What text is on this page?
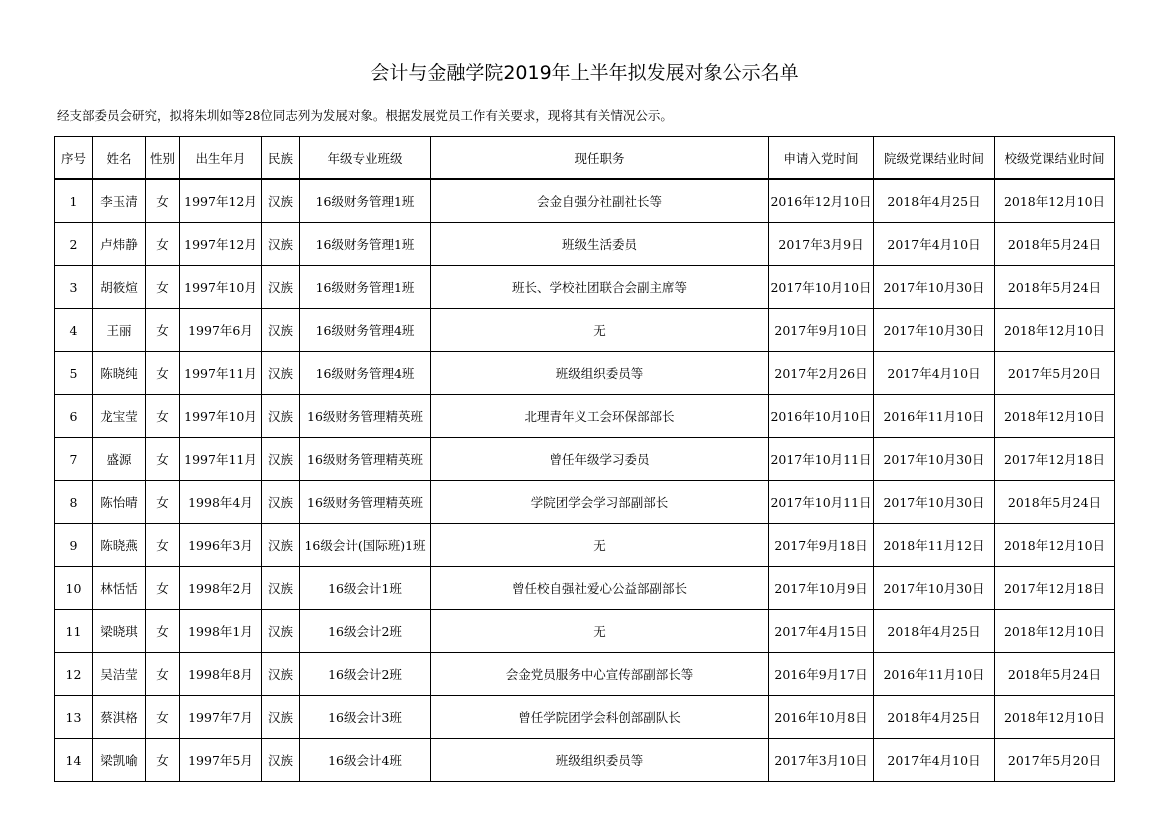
会计与金融学院2019年上半年拟发展对象公示名单
经支部委员会研究，拟将朱圳如等28位同志列为发展对象。根据发展党员工作有关要求，现将其有关情况公示。
序号	姓名	性别	出生年月	民族	年级专业班级	现任职务	申请入党时间	院级党课结业时间	校级党课结业时间
1	李玉清	女	1997年12月	汉族	16级财务管理1班	会金自强分社副社长等	2016年12月10日	2018年4月25日	2018年12月10日
2	卢炜静	女	1997年12月	汉族	16级财务管理1班	班级生活委员	2017年3月9日	2017年4月10日	2018年5月24日
3	胡筱煊	女	1997年10月	汉族	16级财务管理1班	班长、学校社团联合会副主席等	2017年10月10日	2017年10月30日	2018年5月24日
4	王丽	女	1997年6月	汉族	16级财务管理4班	无	2017年9月10日	2017年10月30日	2018年12月10日
5	陈晓纯	女	1997年11月	汉族	16级财务管理4班	班级组织委员等	2017年2月26日	2017年4月10日	2017年5月20日
6	龙宝莹	女	1997年10月	汉族	16级财务管理精英班	北理青年义工会环保部部长	2016年10月10日	2016年11月10日	2018年12月10日
7	盛源	女	1997年11月	汉族	16级财务管理精英班	曾任年级学习委员	2017年10月11日	2017年10月30日	2017年12月18日
8	陈怡晴	女	1998年4月	汉族	16级财务管理精英班	学院团学会学习部副部长	2017年10月11日	2017年10月30日	2018年5月24日
9	陈晓燕	女	1996年3月	汉族	16级会计(国际班)1班	无	2017年9月18日	2018年11月12日	2018年12月10日
10	林恬恬	女	1998年2月	汉族	16级会计1班	曾任校自强社爱心公益部副部长	2017年10月9日	2017年10月30日	2017年12月18日
11	梁晓琪	女	1998年1月	汉族	16级会计2班	无	2017年4月15日	2018年4月25日	2018年12月10日
12	吴洁莹	女	1998年8月	汉族	16级会计2班	会金党员服务中心宣传部副部长等	2016年9月17日	2016年11月10日	2018年5月24日
13	蔡淇格	女	1997年7月	汉族	16级会计3班	曾任学院团学会科创部副队长	2016年10月8日	2018年4月25日	2018年12月10日
14	梁凯喻	女	1997年5月	汉族	16级会计4班	班级组织委员等	2017年3月10日	2017年4月10日	2017年5月20日
